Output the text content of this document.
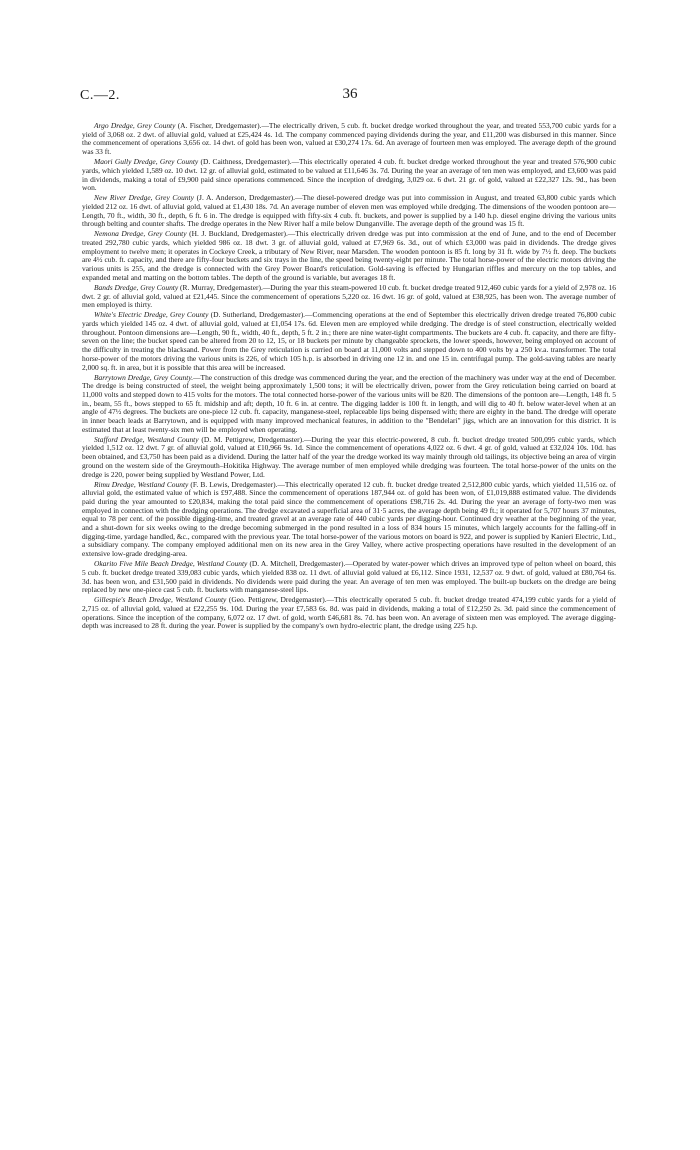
C.—2.	36

Argo Dredge, Grey County (A. Fischer, Dredgemaster).—The electrically driven, 5 cub. ft. bucket dredge worked throughout the year, and treated 553,700 cubic yards for a yield of 3,068 oz. 2 dwt. of alluvial gold, valued at £25,424 4s. 1d. The company commenced paying dividends during the year, and £11,200 was disbursed in this manner. Since the commencement of operations 3,656 oz. 14 dwt. of gold has been won, valued at £30,274 17s. 6d. An average of fourteen men was employed. The average depth of the ground was 33 ft.

Maori Gully Dredge, Grey County (D. Caithness, Dredgemaster).—This electrically operated 4 cub. ft. bucket dredge worked throughout the year and treated 576,900 cubic yards, which yielded 1,589 oz. 10 dwt. 12 gr. of alluvial gold, estimated to be valued at £11,646 3s. 7d. During the year an average of ten men was employed, and £3,600 was paid in dividends, making a total of £9,900 paid since operations commenced. Since the inception of dredging, 3,029 oz. 6 dwt. 21 gr. of gold, valued at £22,327 12s. 9d., has been won.

New River Dredge, Grey County (J. A. Anderson, Dredgemaster).—The diesel-powered dredge was put into commission in August, and treated 63,800 cubic yards which yielded 212 oz. 16 dwt. of alluvial gold, valued at £1,430 18s. 7d. An average number of eleven men was employed while dredging. The dimensions of the wooden pontoon are—Length, 70 ft., width, 30 ft., depth, 6 ft. 6 in. The dredge is equipped with fifty-six 4 cub. ft. buckets, and power is supplied by a 140 h.p. diesel engine driving the various units through belting and counter shafts. The dredge operates in the New River half a mile below Dunganville. The average depth of the ground was 15 ft.

Nemona Dredge, Grey County (H. J. Buckland, Dredgemaster).—This electrically driven dredge was put into commission at the end of June, and to the end of December treated 292,780 cubic yards, which yielded 986 oz. 18 dwt. 3 gr. of alluvial gold, valued at £7,969 6s. 3d., out of which £3,000 was paid in dividends. The dredge gives employment to twelve men; it operates in Cockeye Creek, a tributary of New River, near Marsden. The wooden pontoon is 85 ft. long by 31 ft. wide by 7½ ft. deep. The buckets are 4½ cub. ft. capacity, and there are fifty-four buckets and six trays in the line, the speed being twenty-eight per minute. The total horse-power of the electric motors driving the various units is 255, and the dredge is connected with the Grey Power Board's reticulation. Gold-saving is effected by Hungarian riffles and mercury on the top tables, and expanded metal and matting on the bottom tables. The depth of the ground is variable, but averages 18 ft.

Bands Dredge, Grey County (R. Murray, Dredgemaster).—During the year this steam-powered 10 cub. ft. bucket dredge treated 912,460 cubic yards for a yield of 2,978 oz. 16 dwt. 2 gr. of alluvial gold, valued at £21,445. Since the commencement of operations 5,220 oz. 16 dwt. 16 gr. of gold, valued at £38,925, has been won. The average number of men employed is thirty.

White's Electric Dredge, Grey County (D. Sutherland, Dredgemaster).—Commencing operations at the end of September this electrically driven dredge treated 76,800 cubic yards which yielded 145 oz. 4 dwt. of alluvial gold, valued at £1,054 17s. 6d. Eleven men are employed while dredging. The dredge is of steel construction, electrically welded throughout. Pontoon dimensions are—Length, 90 ft., width, 40 ft., depth, 5 ft. 2 in.; there are nine water-tight compartments. The buckets are 4 cub. ft. capacity, and there are fifty-seven on the line; the bucket speed can be altered from 20 to 12, 15, or 18 buckets per minute by changeable sprockets, the lower speeds, however, being employed on account of the difficulty in treating the blacksand. Power from the Grey reticulation is carried on board at 11,000 volts and stepped down to 400 volts by a 250 kv.a. transformer. The total horse-power of the motors driving the various units is 226, of which 105 h.p. is absorbed in driving one 12 in. and one 15 in. centrifugal pump. The gold-saving tables are nearly 2,000 sq. ft. in area, but it is possible that this area will be increased.

Barrytown Dredge, Grey County.—The construction of this dredge was commenced during the year, and the erection of the machinery was under way at the end of December. The dredge is being constructed of steel, the weight being approximately 1,500 tons; it will be electrically driven, power from the Grey reticulation being carried on board at 11,000 volts and stepped down to 415 volts for the motors. The total connected horse-power of the various units will be 820. The dimensions of the pontoon are—Length, 148 ft. 5 in., beam, 55 ft., bows stepped to 65 ft. midship and aft; depth, 10 ft. 6 in. at centre. The digging ladder is 100 ft. in length, and will dig to 40 ft. below water-level when at an angle of 47½ degrees. The buckets are one-piece 12 cub. ft. capacity, manganese-steel, replaceable lips being dispensed with; there are eighty in the band. The dredge will operate in inner beach leads at Barrytown, and is equipped with many improved mechanical features, in addition to the "Bendelari" jigs, which are an innovation for this district. It is estimated that at least twenty-six men will be employed when operating.

Stafford Dredge, Westland County (D. M. Pettigrew, Dredgemaster).—During the year this electric-powered, 8 cub. ft. bucket dredge treated 500,095 cubic yards, which yielded 1,512 oz. 12 dwt. 7 gr. of alluvial gold, valued at £10,966 9s. 1d. Since the commencement of operations 4,022 oz. 6 dwt. 4 gr. of gold, valued at £32,024 10s. 10d. has been obtained, and £3,750 has been paid as a dividend. During the latter half of the year the dredge worked its way mainly through old tailings, its objective being an area of virgin ground on the western side of the Greymouth–Hokitika Highway. The average number of men employed while dredging was fourteen. The total horse-power of the units on the dredge is 220, power being supplied by Westland Power, Ltd.

Rimu Dredge, Westland County (F. B. Lewis, Dredgemaster).—This electrically operated 12 cub. ft. bucket dredge treated 2,512,800 cubic yards, which yielded 11,516 oz. of alluvial gold, the estimated value of which is £97,488. Since the commencement of operations 187,944 oz. of gold has been won, of £1,019,888 estimated value. The dividends paid during the year amounted to £20,834, making the total paid since the commencement of operations £98,716 2s. 4d. During the year an average of forty-two men was employed in connection with the dredging operations. The dredge excavated a superficial area of 31·5 acres, the average depth being 49 ft.; it operated for 5,707 hours 37 minutes, equal to 78 per cent. of the possible digging-time, and treated gravel at an average rate of 440 cubic yards per digging-hour. Continued dry weather at the beginning of the year, and a shut-down for six weeks owing to the dredge becoming submerged in the pond resulted in a loss of 834 hours 15 minutes, which largely accounts for the falling-off in digging-time, yardage handled, &c., compared with the previous year. The total horse-power of the various motors on board is 922, and power is supplied by Kanieri Electric, Ltd., a subsidiary company. The company employed additional men on its new area in the Grey Valley, where active prospecting operations have resulted in the development of an extensive low-grade dredging-area.

Okarito Five Mile Beach Dredge, Westland County (D. A. Mitchell, Dredgemaster).—Operated by water-power which drives an improved type of pelton wheel on board, this 5 cub. ft. bucket dredge treated 339,083 cubic yards, which yielded 838 oz. 11 dwt. of alluvial gold valued at £6,112. Since 1931, 12,537 oz. 9 dwt. of gold, valued at £80,764 6s. 3d. has been won, and £31,500 paid in dividends. No dividends were paid during the year. An average of ten men was employed. The built-up buckets on the dredge are being replaced by new one-piece cast 5 cub. ft. buckets with manganese-steel lips.

Gillespie's Beach Dredge, Westland County (Geo. Pettigrew, Dredgemaster).—This electrically operated 5 cub. ft. bucket dredge treated 474,199 cubic yards for a yield of 2,715 oz. of alluvial gold, valued at £22,255 9s. 10d. During the year £7,583 6s. 8d. was paid in dividends, making a total of £12,250 2s. 3d. paid since the commencement of operations. Since the inception of the company, 6,072 oz. 17 dwt. of gold, worth £46,681 8s. 7d. has been won. An average of sixteen men was employed. The average digging-depth was increased to 28 ft. during the year. Power is supplied by the company's own hydro-electric plant, the dredge using 225 h.p.
